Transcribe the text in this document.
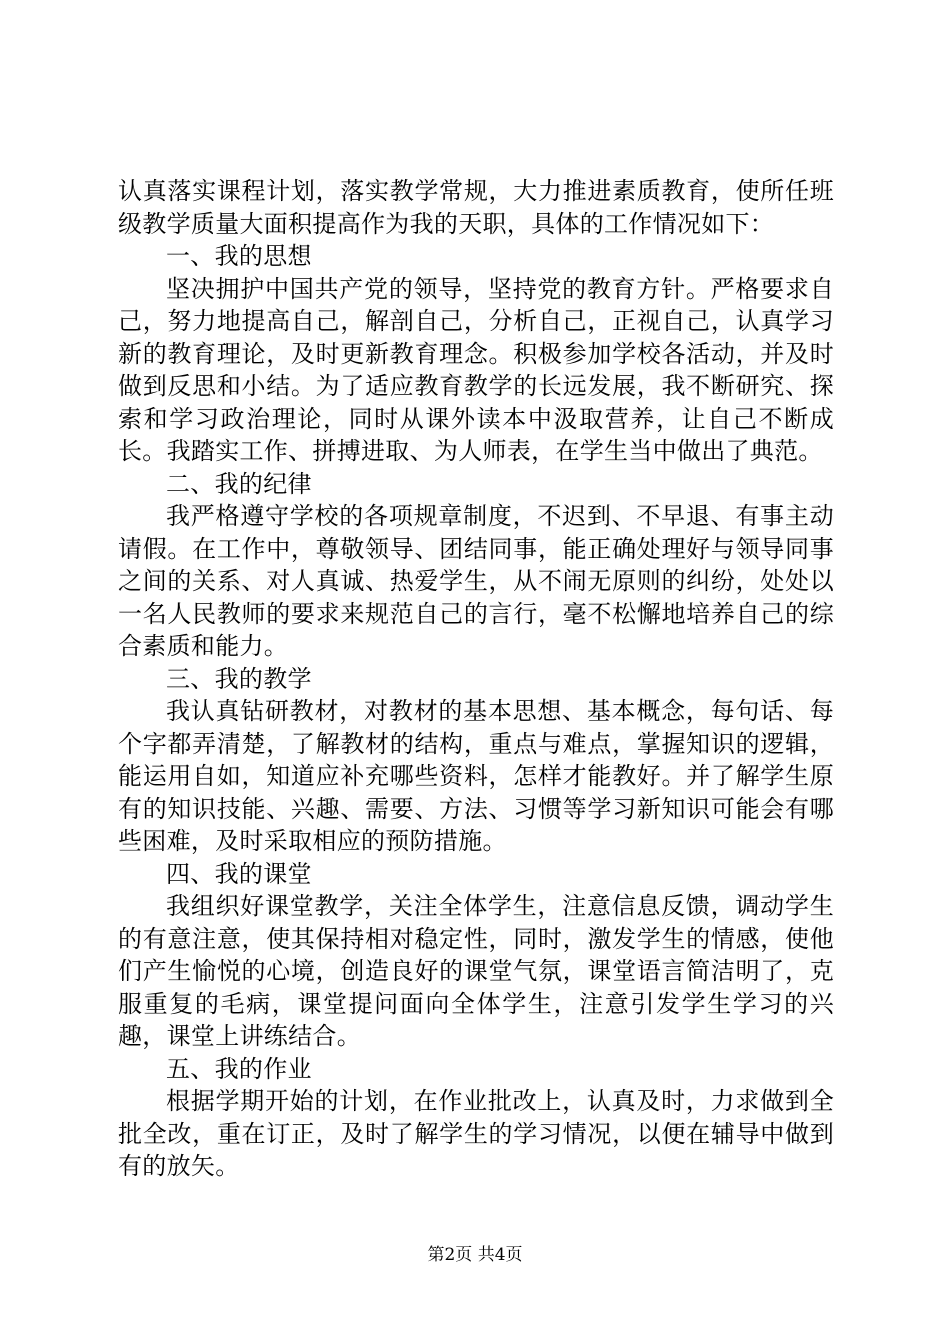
认真落实课程计划，落实教学常规，大力推进素质教育，使所任班级教学质量大面积提高作为我的天职，具体的工作情况如下：

一、我的思想

坚决拥护中国共产党的领导，坚持党的教育方针。严格要求自己，努力地提高自己，解剖自己，分析自己，正视自己，认真学习新的教育理论，及时更新教育理念。积极参加学校各活动，并及时做到反思和小结。为了适应教育教学的长远发展，我不断研究、探索和学习政治理论，同时从课外读本中汲取营养，让自己不断成长。我踏实工作、拼搏进取、为人师表，在学生当中做出了典范。

二、我的纪律

我严格遵守学校的各项规章制度，不迟到、不早退、有事主动请假。在工作中，尊敬领导、团结同事，能正确处理好与领导同事之间的关系、对人真诚、热爱学生，从不闹无原则的纠纷，处处以一名人民教师的要求来规范自己的言行，毫不松懈地培养自己的综合素质和能力。

三、我的教学

我认真钻研教材，对教材的基本思想、基本概念，每句话、每个字都弄清楚，了解教材的结构，重点与难点，掌握知识的逻辑，能运用自如，知道应补充哪些资料，怎样才能教好。并了解学生原有的知识技能、兴趣、需要、方法、习惯等学习新知识可能会有哪些困难，及时采取相应的预防措施。

四、我的课堂

我组织好课堂教学，关注全体学生，注意信息反馈，调动学生的有意注意，使其保持相对稳定性，同时，激发学生的情感，使他们产生愉悦的心境，创造良好的课堂气氛，课堂语言简洁明了，克服重复的毛病，课堂提问面向全体学生，注意引发学生学习的兴趣，课堂上讲练结合。

五、我的作业

根据学期开始的计划，在作业批改上，认真及时，力求做到全批全改，重在订正，及时了解学生的学习情况，以便在辅导中做到有的放矢。

第2页 共4页
